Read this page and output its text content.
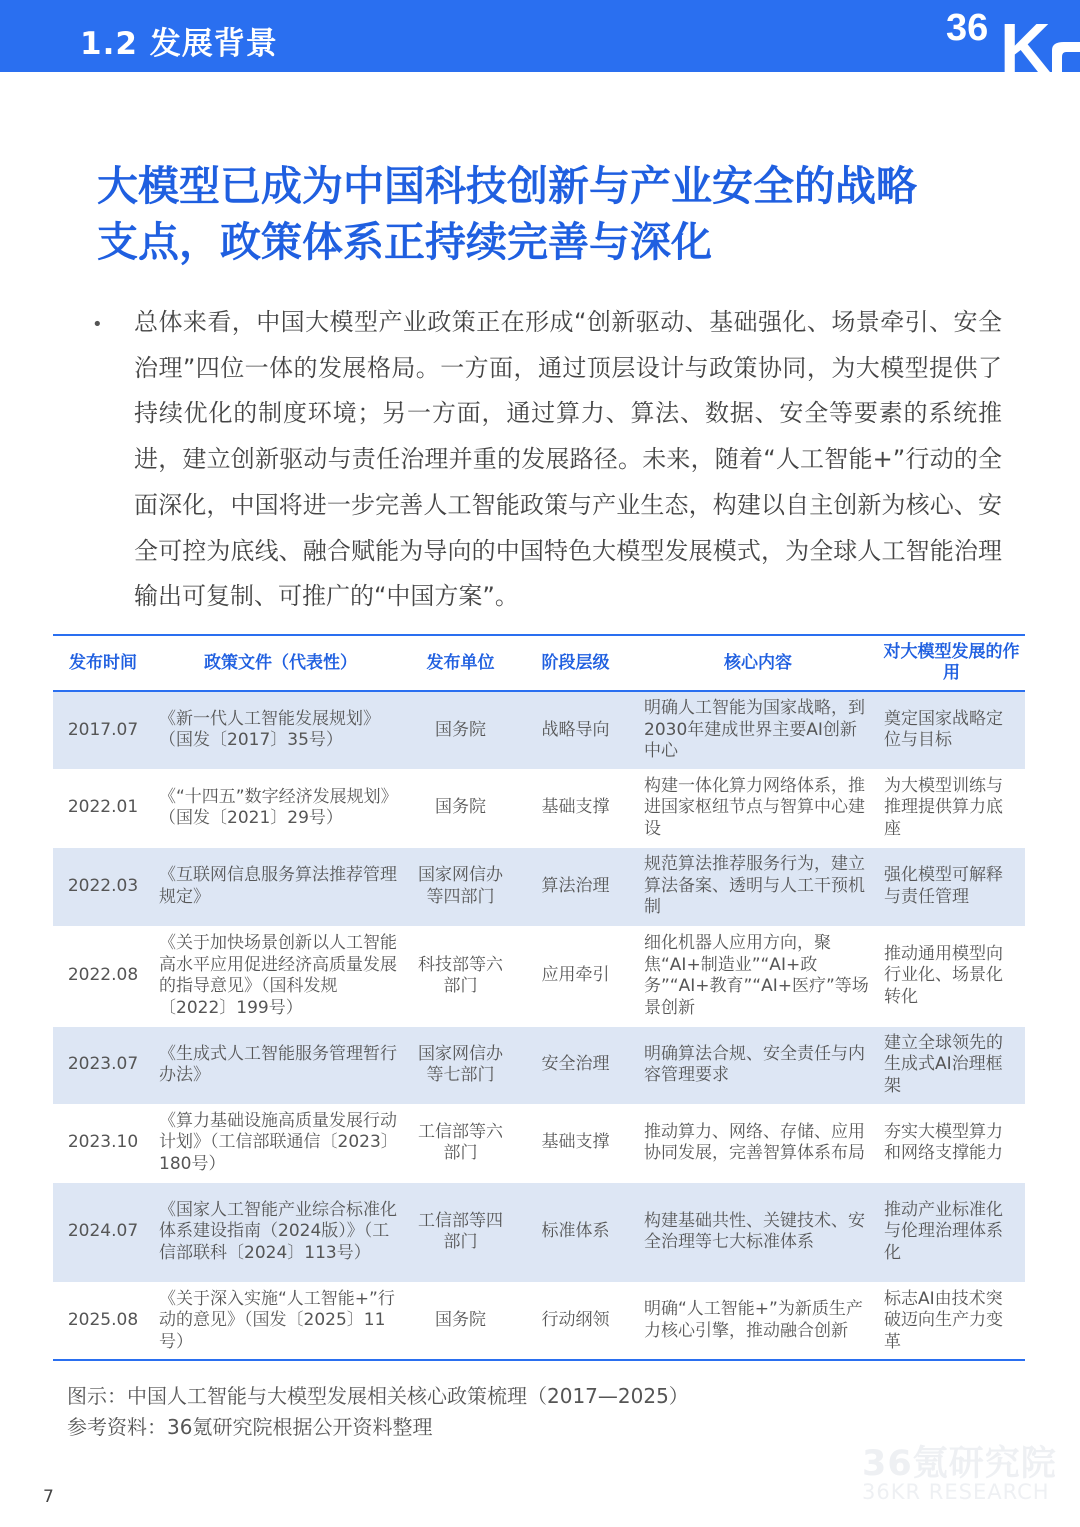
1.2 发展背景	36 K
大模型已成为中国科技创新与产业安全的战略
支点，政策体系正持续完善与深化
• 总体来看，中国大模型产业政策正在形成“创新驱动、基础强化、场景牵引、安全治理”四位一体的发展格局。一方面，通过顶层设计与政策协同，为大模型提供了持续优化的制度环境；另一方面，通过算力、算法、数据、安全等要素的系统推进，建立创新驱动与责任治理并重的发展路径。未来，随着“人工智能+”行动的全面深化，中国将进一步完善人工智能政策与产业生态，构建以自主创新为核心、安全可控为底线、融合赋能为导向的中国特色大模型发展模式，为全球人工智能治理输出可复制、可推广的“中国方案”。
发布时间	政策文件（代表性）	发布单位	阶段层级	核心内容	对大模型发展的作用
2017.07	《新一代人工智能发展规划》（国发〔2017〕35号）	国务院	战略导向	明确人工智能为国家战略，到2030年建成世界主要AI创新中心	奠定国家战略定位与目标
2022.01	《“十四五”数字经济发展规划》（国发〔2021〕29号）	国务院	基础支撑	构建一体化算力网络体系，推进国家枢纽节点与智算中心建设	为大模型训练与推理提供算力底座
2022.03	《互联网信息服务算法推荐管理规定》	国家网信办等四部门	算法治理	规范算法推荐服务行为，建立算法备案、透明与人工干预机制	强化模型可解释与责任管理
2022.08	《关于加快场景创新以人工智能高水平应用促进经济高质量发展的指导意见》（国科发规〔2022〕199号）	科技部等六部门	应用牵引	细化机器人应用方向，聚焦“AI+制造业”“AI+政务”“AI+教育”“AI+医疗”等场景创新	推动通用模型向行业化、场景化转化
2023.07	《生成式人工智能服务管理暂行办法》	国家网信办等七部门	安全治理	明确算法合规、安全责任与内容管理要求	建立全球领先的生成式AI治理框架
2023.10	《算力基础设施高质量发展行动计划》（工信部联通信〔2023〕180号）	工信部等六部门	基础支撑	推动算力、网络、存储、应用协同发展，完善智算体系布局	夯实大模型算力和网络支撑能力
2024.07	《国家人工智能产业综合标准化体系建设指南（2024版）》（工信部联科〔2024〕113号）	工信部等四部门	标准体系	构建基础共性、关键技术、安全治理等七大标准体系	推动产业标准化与伦理治理体系化
2025.08	《关于深入实施“人工智能+”行动的意见》（国发〔2025〕11号）	国务院	行动纲领	明确“人工智能+”为新质生产力核心引擎，推动融合创新	标志AI由技术突破迈向生产力变革
图示：中国人工智能与大模型发展相关核心政策梳理（2017—2025）
参考资料：36氪研究院根据公开资料整理
36氪研究院
36KR RESEARCH
7
